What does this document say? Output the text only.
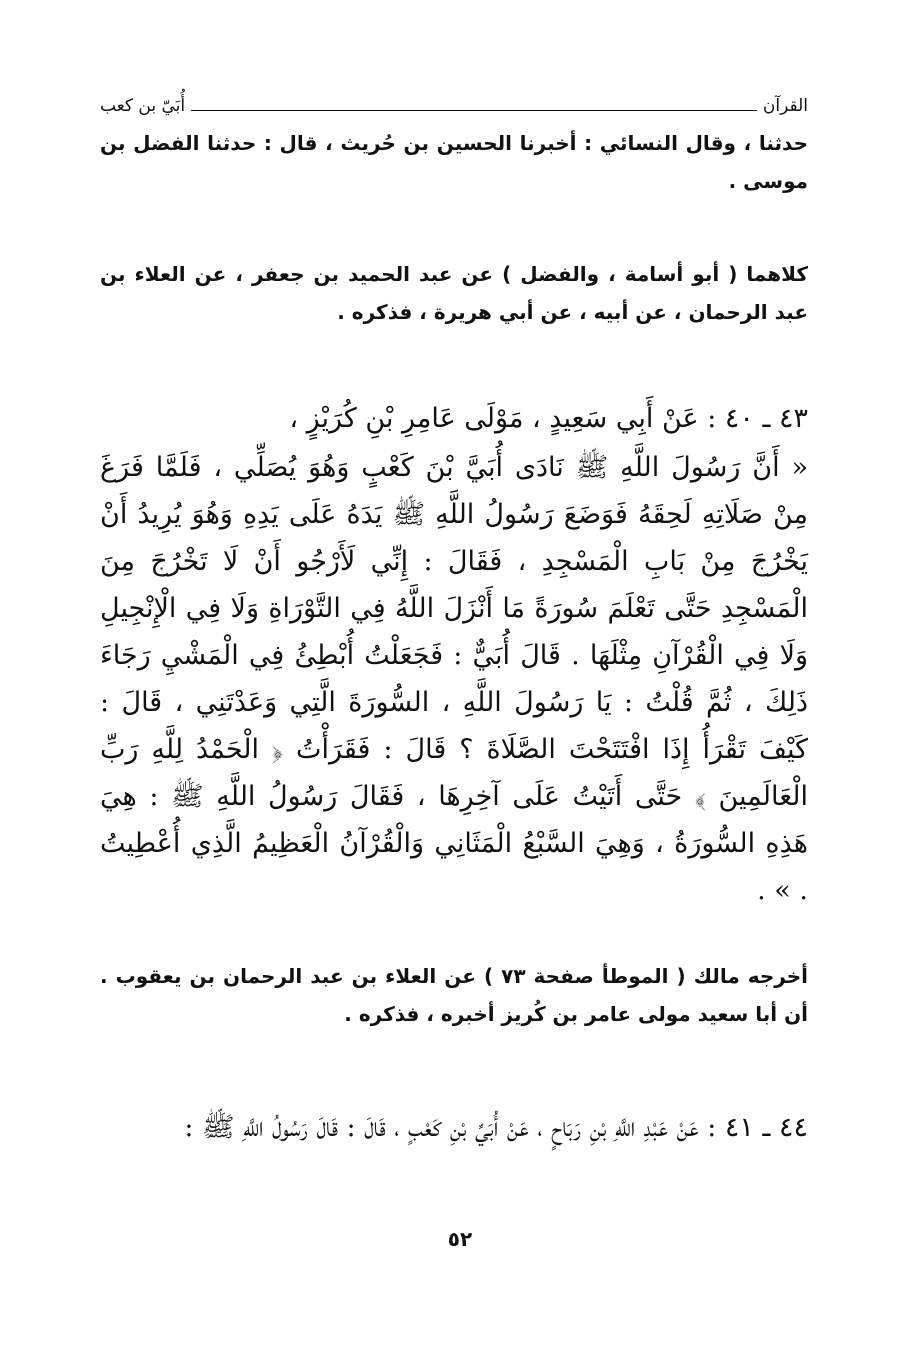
القرآن
أُبَيّ بن كعب

حدثنا ، وقال النسائي : أخبرنا الحسين بن حُريث ، قال : حدثنا الفضل بن موسى .

كلاهما ( أبو أسامة ، والفضل ) عن عبد الحميد بن جعفر ، عن العلاء بن عبد الرحمان ، عن أبيه ، عن أبي هريرة ، فذكره .

٤٣ ـ ٤٠ : عَنْ أَبِي سَعِيدٍ ، مَوْلَى عَامِرِ بْنِ كُرَيْزٍ ،

« أَنَّ رَسُولَ اللَّهِ ﷺ نَادَى أُبَيَّ بْنَ كَعْبٍ وَهُوَ يُصَلِّي ، فَلَمَّا فَرَغَ مِنْ صَلَاتِهِ لَحِقَهُ فَوَضَعَ رَسُولُ اللَّهِ ﷺ يَدَهُ عَلَى يَدِهِ وَهُوَ يُرِيدُ أَنْ يَخْرُجَ مِنْ بَابِ الْمَسْجِدِ ، فَقَالَ : إِنِّي لَأَرْجُو أَنْ لَا تَخْرُجَ مِنَ الْمَسْجِدِ حَتَّى تَعْلَمَ سُورَةً مَا أَنْزَلَ اللَّهُ فِي التَّوْرَاةِ وَلَا فِي الْإِنْجِيلِ وَلَا فِي الْقُرْآنِ مِثْلَهَا . قَالَ أُبَيٌّ : فَجَعَلْتُ أُبْطِئُ فِي الْمَشْيِ رَجَاءَ ذَلِكَ ، ثُمَّ قُلْتُ : يَا رَسُولَ اللَّهِ ، السُّورَةَ الَّتِي وَعَدْتَنِي ، قَالَ : كَيْفَ تَقْرَأُ إِذَا افْتَتَحْتَ الصَّلَاةَ ؟ قَالَ : فَقَرَأْتُ ﴿ الْحَمْدُ لِلَّهِ رَبِّ الْعَالَمِينَ ﴾ حَتَّى أَتَيْتُ عَلَى آخِرِهَا ، فَقَالَ رَسُولُ اللَّهِ ﷺ : هِيَ هَذِهِ السُّورَةُ ، وَهِيَ السَّبْعُ الْمَثَانِي وَالْقُرْآنُ الْعَظِيمُ الَّذِي أُعْطِيتُ . » .

أخرجه مالك ( الموطأ صفحة ٧٣ ) عن العلاء بن عبد الرحمان بن يعقوب . أن أبا سعيد مولى عامر بن كُريز أخبره ، فذكره .

٤٤ ـ ٤١ : عَنْ عَبْدِ اللَّهِ بْنِ رَبَاحٍ ، عَنْ أُبَيِّ بْنِ كَعْبٍ ، قَالَ : قَالَ رَسُولُ اللَّهِ ﷺ :

٥٢
